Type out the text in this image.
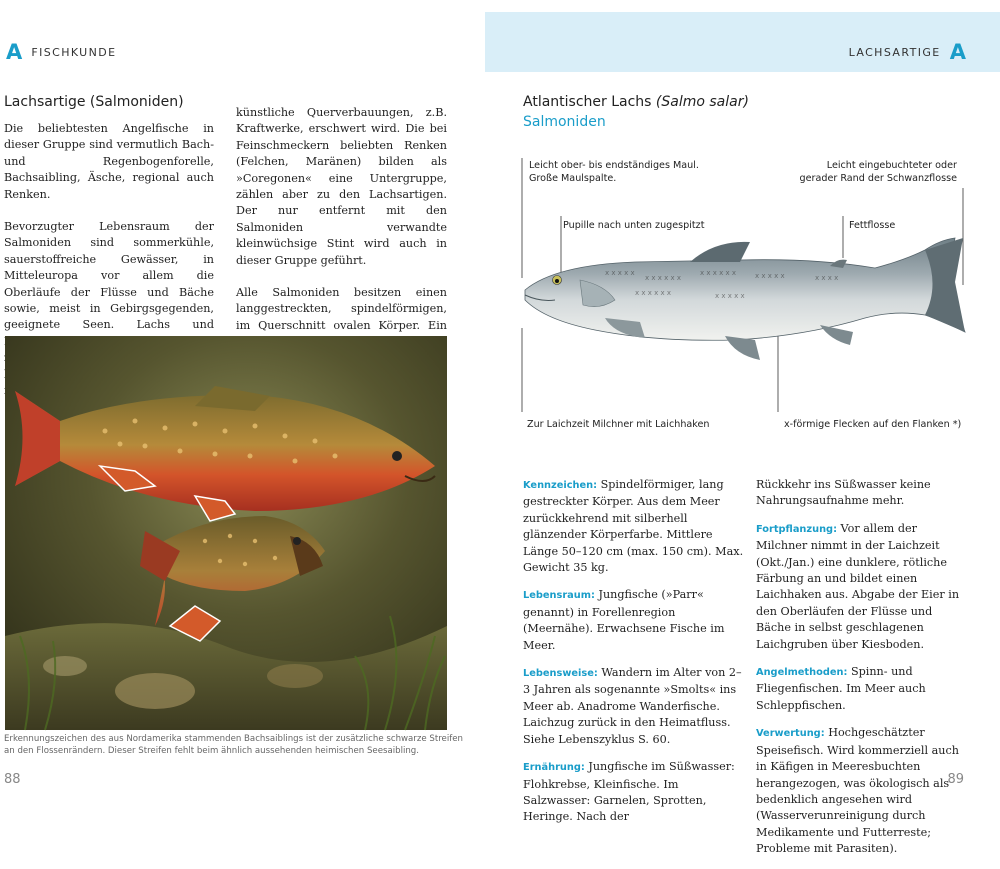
A FISCHKUNDE
Lachsartige (Salmoniden)

Die beliebtesten Angelfische in dieser Gruppe sind vermutlich Bach- und Regenbogenforelle, Bachsaibling, Äsche, regional auch Renken.

Bevorzugter Lebensraum der Salmoniden sind sommerkühle, sauerstoffreiche Gewässer, in Mitteleuropa vor allem die Oberläufe der Flüsse und Bäche sowie, meist in Gebirgsgegenden, geeignete Seen. Lachs und

künstliche Querverbauungen, z.B. Kraftwerke, erschwert wird. Die bei Feinschmeckern beliebten Renken (Felchen, Maränen) bilden als »Coregonen« eine Untergruppe, zählen aber zu den Lachsartigen. Der nur entfernt mit den Salmoniden verwandte kleinwüchsige Stint wird auch in dieser Gruppe geführt.

Alle Salmoniden besitzen einen langgestreckten, spindelförmigen, im Querschnitt ovalen Körper. Ein

Erkennungszeichen des aus Nordamerika stammenden Bachsaiblings ist der zusätzliche schwarze Streifen an den Flossenrändern. Dieser Streifen fehlt beim ähnlich aussehenden heimischen Seesaibling.
88
LACHSARTIGE A
Atlantischer Lachs (Salmo salar)
Salmoniden
x x x x x
x x x x x x
x x x x x x	x x x x x	x x x x
x x x x x x	x x x x x
Leicht ober- bis endständiges Maul.
Große Maulspalte.
Leicht eingebuchteter oder
gerader Rand der Schwanzflosse
Pupille nach unten zugespitzt	Fettflosse
Zur Laichzeit Milchner mit Laichhaken	x-förmige Flecken auf den Flanken *)

Kennzeichen: Spindelförmiger, lang gestreckter Körper. Aus dem Meer zurückkehrend mit silberhell glänzender Körperfarbe. Mittlere Länge 50–120 cm (max. 150 cm). Max. Gewicht 35 kg.

Lebensraum: Jungfische (»Parr« genannt) in Forellenregion (Meernähe). Erwachsene Fische im Meer.

Lebensweise: Wandern im Alter von 2–3 Jahren als sogenannte »Smolts« ins Meer ab. Anadrome Wanderfische. Laichzug zurück in den Heimatfluss. Siehe Lebenszyklus S. 60.

Ernährung: Jungfische im Süßwasser: Flohkrebse, Kleinfische. Im Salzwasser: Garnelen, Sprotten, Heringe. Nach der

Rückkehr ins Süßwasser keine Nahrungsaufnahme mehr.

Fortpflanzung: Vor allem der Milchner nimmt in der Laichzeit (Okt./Jan.) eine dunklere, rötliche Färbung an und bildet einen Laichhaken aus. Abgabe der Eier in den Oberläufen der Flüsse und Bäche in selbst geschlagenen Laichgruben über Kiesboden.

Angelmethoden: Spinn- und Fliegenfischen. Im Meer auch Schleppfischen.

Verwertung: Hochgeschätzter Speisefisch. Wird kommerziell auch in Käfigen in Meeresbuchten herangezogen, was ökologisch als bedenklich angesehen wird (Wasserverunreinigung durch Medikamente und Futterreste; Probleme mit Parasiten).

89
